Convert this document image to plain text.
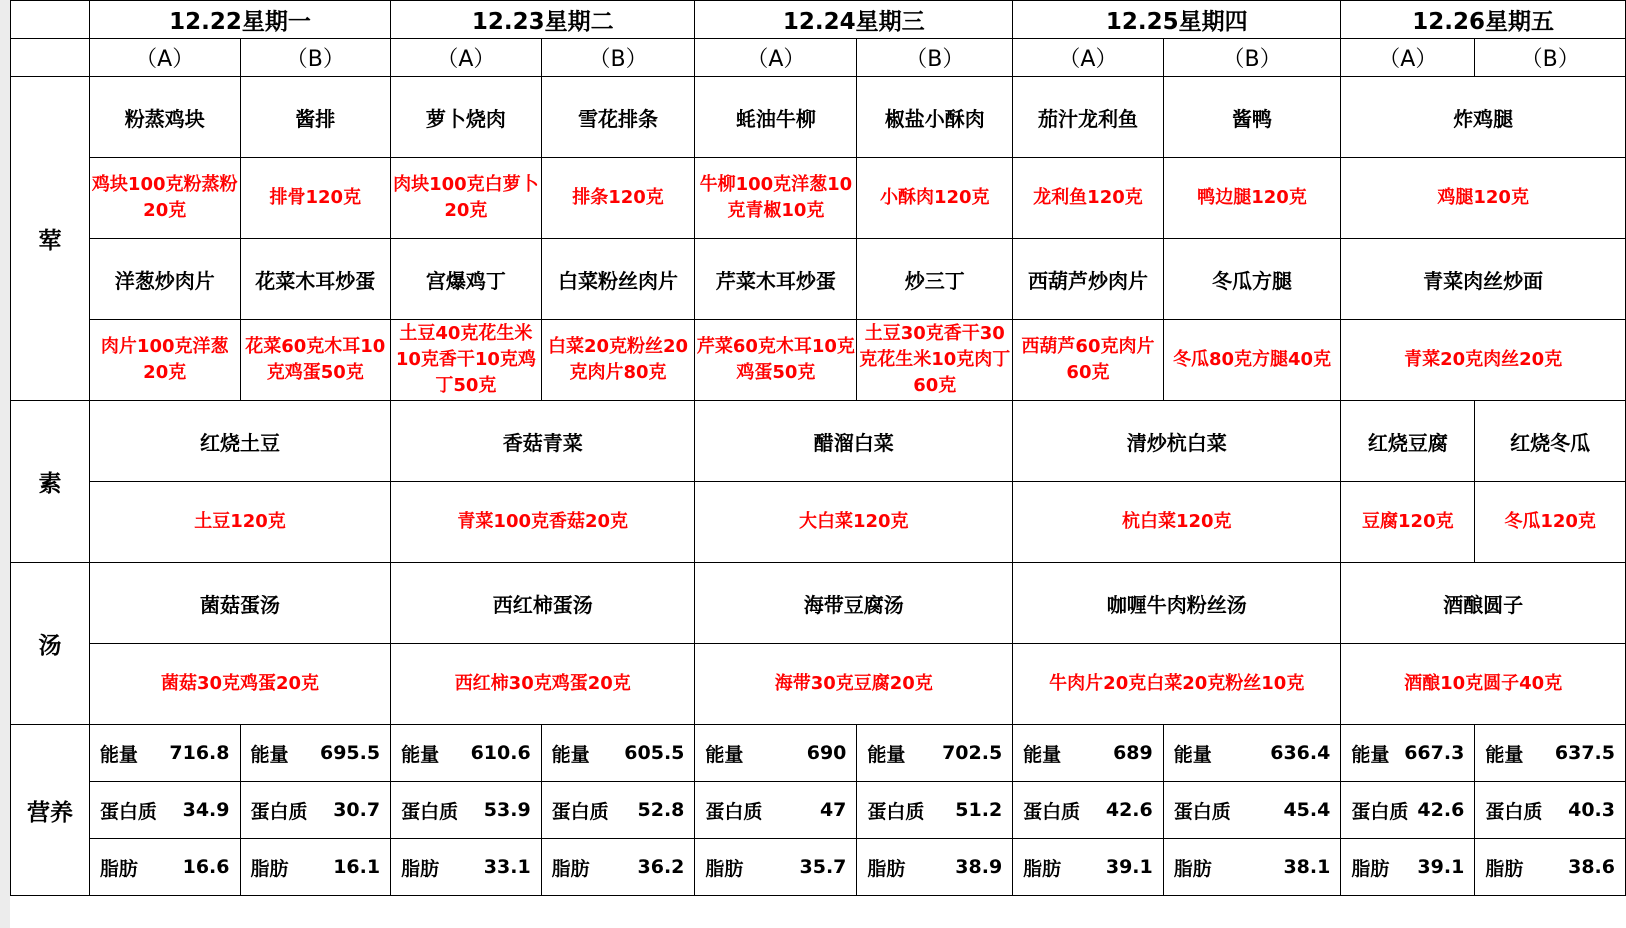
	12.22星期一		12.23星期二		12.24星期三		12.25星期四		12.26星期五	
	（A）	（B）	（A）	（B）	（A）	（B）	（A）	（B）	（A）	（B）
荤	粉蒸鸡块	酱排	萝卜烧肉	雪花排条	蚝油牛柳	椒盐小酥肉	茄汁龙利鱼	酱鸭	炸鸡腿	
	鸡块100克粉蒸粉20克	排骨120克	肉块100克白萝卜20克	排条120克	牛柳100克洋葱10克青椒10克	小酥肉120克	龙利鱼120克	鸭边腿120克	鸡腿120克	
	洋葱炒肉片	花菜木耳炒蛋	宫爆鸡丁	白菜粉丝肉片	芹菜木耳炒蛋	炒三丁	西葫芦炒肉片	冬瓜方腿	青菜肉丝炒面	
	肉片100克洋葱20克	花菜60克木耳10克鸡蛋50克	土豆40克花生米10克香干10克鸡丁50克	白菜20克粉丝20克肉片80克	芹菜60克木耳10克鸡蛋50克	土豆30克香干30克花生米10克肉丁60克	西葫芦60克肉片60克	冬瓜80克方腿40克	青菜20克肉丝20克	
素	红烧土豆		香菇青菜		醋溜白菜		清炒杭白菜		红烧豆腐	红烧冬瓜
	土豆120克		青菜100克香菇20克		大白菜120克		杭白菜120克		豆腐120克	冬瓜120克
汤	菌菇蛋汤		西红柿蛋汤		海带豆腐汤		咖喱牛肉粉丝汤		酒酿圆子	
	菌菇30克鸡蛋20克		西红柿30克鸡蛋20克		海带30克豆腐20克		牛肉片20克白菜20克粉丝10克		酒酿10克圆子40克	
营养	能量 716.8	能量 695.5	能量 610.6	能量 605.5	能量 690	能量 702.5	能量 689	能量 636.4	能量 667.3	能量 637.5

	蛋白质 34.9	蛋白质 30.7	蛋白质 53.9	蛋白质 52.8	蛋白质 47	蛋白质 51.2	蛋白质 42.6	蛋白质 45.4	蛋白质 42.6	蛋白质 40.3

	脂肪 16.6	脂肪 16.1	脂肪 33.1	脂肪 36.2	脂肪 35.7	脂肪 38.9	脂肪 39.1	脂肪 38.1	脂肪 39.1	脂肪 38.6
